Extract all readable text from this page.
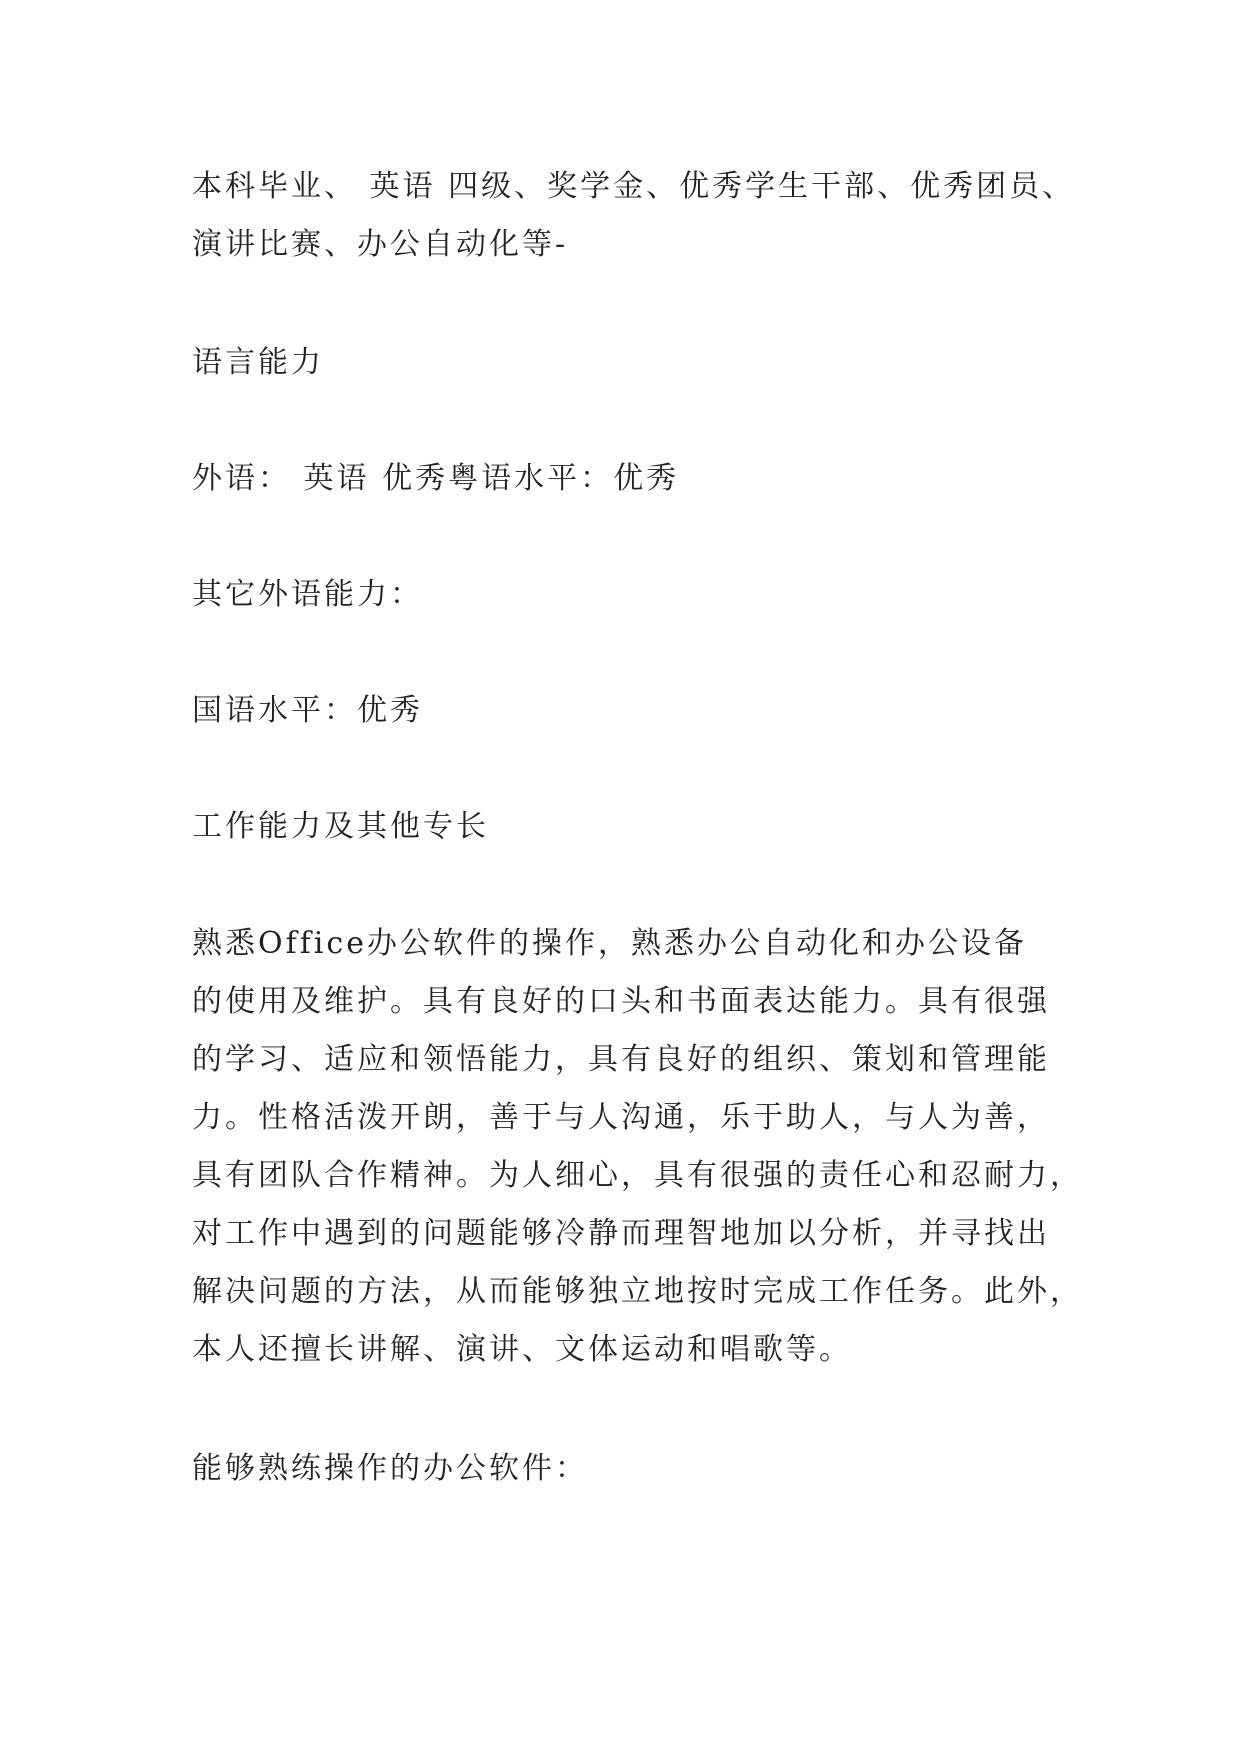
本科毕业、 英语 四级、奖学金、优秀学生干部、优秀团员、
演讲比赛、办公自动化等-

语言能力

外语： 英语 优秀粤语水平：优秀

其它外语能力：

国语水平：优秀

工作能力及其他专长

熟悉Office办公软件的操作，熟悉办公自动化和办公设备
的使用及维护。具有良好的口头和书面表达能力。具有很强
的学习、适应和领悟能力，具有良好的组织、策划和管理能
力。性格活泼开朗，善于与人沟通，乐于助人，与人为善，
具有团队合作精神。为人细心，具有很强的责任心和忍耐力，
对工作中遇到的问题能够冷静而理智地加以分析，并寻找出
解决问题的方法，从而能够独立地按时完成工作任务。此外，
本人还擅长讲解、演讲、文体运动和唱歌等。

能够熟练操作的办公软件：
